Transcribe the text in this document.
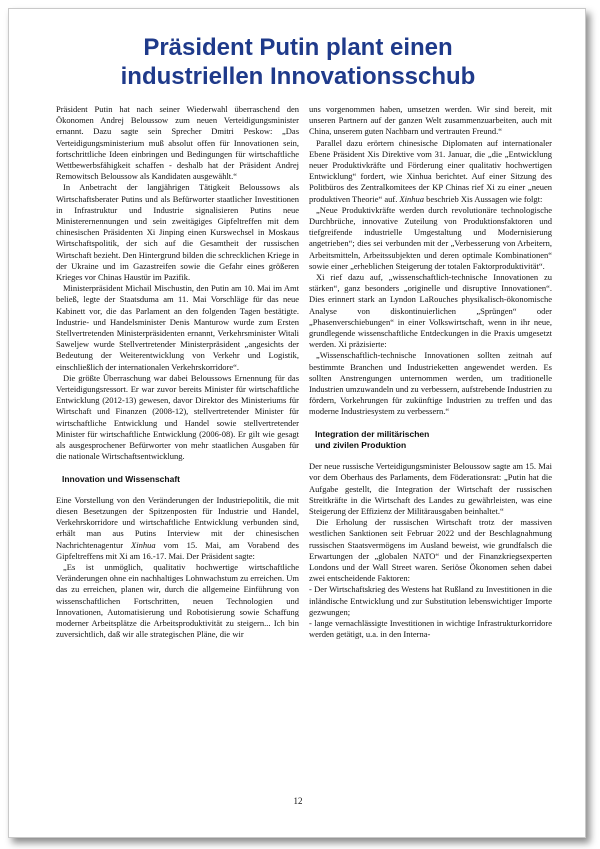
Präsident Putin plant einen
industriellen Innovationsschub

Präsident Putin hat nach seiner Wiederwahl überraschend den Ökonomen Andrej Beloussow zum neuen Verteidigungsminister ernannt. Dazu sagte sein Sprecher Dmitri Peskow: „Das Verteidigungsministerium muß absolut offen für Innovationen sein, fortschrittliche Ideen einbringen und Bedingungen für wirtschaftliche Wettbewerbsfähigkeit schaffen - deshalb hat der Präsident Andrej Remowitsch Beloussow als Kandidaten ausgewählt.“

In Anbetracht der langjährigen Tätigkeit Beloussows als Wirtschaftsberater Putins und als Befürworter staatlicher Investitionen in Infrastruktur und Industrie signalisieren Putins neue Ministerernennungen und sein zweitägiges Gipfeltreffen mit dem chinesischen Präsidenten Xi Jinping einen Kurswechsel in Moskaus Wirtschaftspolitik, der sich auf die Gesamtheit der russischen Wirtschaft bezieht. Den Hintergrund bilden die schrecklichen Kriege in der Ukraine und im Gazastreifen sowie die Gefahr eines größeren Krieges vor Chinas Haustür im Pazifik.

Ministerpräsident Michail Mischustin, den Putin am 10. Mai im Amt beließ, legte der Staatsduma am 11. Mai Vorschläge für das neue Kabinett vor, die das Parlament an den folgenden Tagen bestätigte. Industrie- und Handelsminister Denis Manturow wurde zum Ersten Stellvertretenden Ministerpräsidenten ernannt, Verkehrsminister Witali Saweljew wurde Stellvertretender Ministerpräsident „angesichts der Bedeutung der Weiterentwicklung von Verkehr und Logistik, einschließlich der internationalen Verkehrskorridore“.

Die größte Überraschung war dabei Beloussows Ernennung für das Verteidigungsressort. Er war zuvor bereits Minister für wirtschaftliche Entwicklung (2012-13) gewesen, davor Direktor des Ministeriums für Wirtschaft und Finanzen (2008-12), stellvertretender Minister für wirtschaftliche Entwicklung und Handel sowie stellvertretender Minister für wirtschaftliche Entwicklung (2006-08). Er gilt wie gesagt als ausgesprochener Befürworter von mehr staatlichen Ausgaben für die nationale Wirtschaftsentwicklung.

Innovation und Wissenschaft

Eine Vorstellung von den Veränderungen der Industriepolitik, die mit diesen Besetzungen der Spitzenposten für Industrie und Handel, Verkehrskorridore und wirtschaftliche Entwicklung verbunden sind, erhält man aus Putins Interview mit der chinesischen Nachrichtenagentur Xinhua vom 15. Mai, am Vorabend des Gipfeltreffens mit Xi am 16.-17. Mai. Der Präsident sagte:

„Es ist unmöglich, qualitativ hochwertige wirtschaftliche Veränderungen ohne ein nachhaltiges Lohnwachstum zu erreichen. Um das zu erreichen, planen wir, durch die allgemeine Einführung von wissenschaftlichen Fortschritten, neuen Technologien und Innovationen, Automatisierung und Robotisierung sowie Schaffung moderner Arbeitsplätze die Arbeitsproduktivität zu steigern... Ich bin zuversichtlich, daß wir alle strategischen Pläne, die wir

uns vorgenommen haben, umsetzen werden. Wir sind bereit, mit unseren Partnern auf der ganzen Welt zusammenzuarbeiten, auch mit China, unserem guten Nachbarn und vertrauten Freund.“

Parallel dazu erörtern chinesische Diplomaten auf internationaler Ebene Präsident Xis Direktive vom 31. Januar, die „die „Entwicklung neuer Produktivkräfte und Förderung einer qualitativ hochwertigen Entwicklung“ fordert, wie Xinhua berichtet. Auf einer Sitzung des Politbüros des Zentralkomitees der KP Chinas rief Xi zu einer „neuen produktiven Theorie“ auf. Xinhua beschrieb Xis Aussagen wie folgt:

„Neue Produktivkräfte werden durch revolutionäre technologische Durchbrüche, innovative Zuteilung von Produktionsfaktoren und tiefgreifende industrielle Umgestaltung und Modernisierung angetrieben“; dies sei verbunden mit der „Verbesserung von Arbeitern, Arbeitsmitteln, Arbeitssubjekten und deren optimale Kombinationen“ sowie einer „erheblichen Steigerung der totalen Faktorproduktivität“.

Xi rief dazu auf, „wissenschaftlich-technische Innovationen zu stärken“, ganz besonders „originelle und disruptive Innovationen“. Dies erinnert stark an Lyndon LaRouches physikalisch-ökonomische Analyse von diskontinuierlichen „Sprüngen“ oder „Phasenverschiebungen“ in einer Volkswirtschaft, wenn in ihr neue, grundlegende wissenschaftliche Entdeckungen in die Praxis umgesetzt werden. Xi präzisierte:

„Wissenschaftlich-technische Innovationen sollten zeitnah auf bestimmte Branchen und Industrieketten angewendet werden. Es sollten Anstrengungen unternommen werden, um traditionelle Industrien umzuwandeln und zu verbessern, aufstrebende Industrien zu fördern, Vorkehrungen für zukünftige Industrien zu treffen und das moderne Industriesystem zu verbessern.“

Integration der militärischen
und zivilen Produktion

Der neue russische Verteidigungsminister Beloussow sagte am 15. Mai vor dem Oberhaus des Parlaments, dem Föderationsrat: „Putin hat die Aufgabe gestellt, die Integration der Wirtschaft der russischen Streitkräfte in die Wirtschaft des Landes zu gewährleisten, was eine Steigerung der Effizienz der Militärausgaben beinhaltet.“

Die Erholung der russischen Wirtschaft trotz der massiven westlichen Sanktionen seit Februar 2022 und der Beschlagnahmung russischen Staatsvermögens im Ausland beweist, wie grundfalsch die Erwartungen der „globalen NATO“ und der Finanzkriegsexperten Londons und der Wall Street waren. Seriöse Ökonomen sehen dabei zwei entscheidende Faktoren:

- Der Wirtschaftskrieg des Westens hat Rußland zu Investitionen in die inländische Entwicklung und zur Substitution lebenswichtiger Importe gezwungen;
- lange vernachlässigte Investitionen in wichtige Infrastrukturkorridore werden getätigt, u.a. in den Interna-
12
